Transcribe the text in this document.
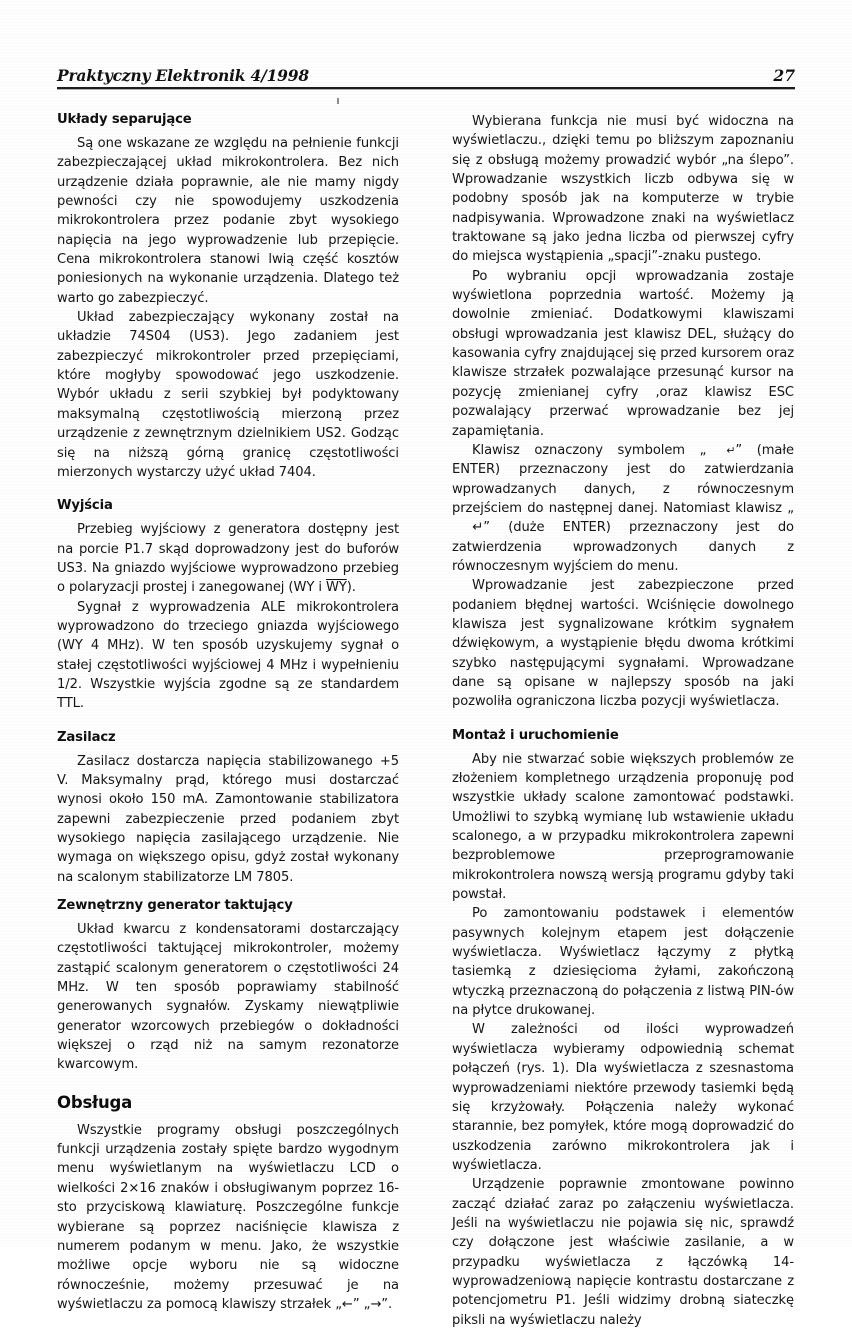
Praktyczny Elektronik 4/1998	27
Układy separujące

Są one wskazane ze względu na pełnienie funkcji zabezpieczającej układ mikrokontrolera. Bez nich urządzenie działa poprawnie, ale nie mamy nigdy pewności czy nie spowodujemy uszkodzenia mikrokontrolera przez podanie zbyt wysokiego napięcia na jego wyprowadzenie lub przepięcie. Cena mikrokontrolera stanowi lwią część kosztów poniesionych na wykonanie urządzenia. Dlatego też warto go zabezpieczyć.

Układ zabezpieczający wykonany został na układzie 74S04 (US3). Jego zadaniem jest zabezpieczyć mikrokontroler przed przepięciami, które mogłyby spowodować jego uszkodzenie. Wybór układu z serii szybkiej był podyktowany maksymalną częstotliwością mierzoną przez urządzenie z zewnętrznym dzielnikiem US2. Godząc się na niższą górną granicę częstotliwości mierzonych wystarczy użyć układ 7404.

Wyjścia

Przebieg wyjściowy z generatora dostępny jest na porcie P1.7 skąd doprowadzony jest do buforów US3. Na gniazdo wyjściowe wyprowadzono przebieg o polaryzacji prostej i zanegowanej (WY i $\overline{WY}$).

Sygnał z wyprowadzenia ALE mikrokontrolera wyprowadzono do trzeciego gniazda wyjściowego (WY 4 MHz). W ten sposób uzyskujemy sygnał o stałej częstotliwości wyjściowej 4 MHz i wypełnieniu 1/2. Wszystkie wyjścia zgodne są ze standardem TTL.

Zasilacz

Zasilacz dostarcza napięcia stabilizowanego +5 V. Maksymalny prąd, którego musi dostarczać wynosi około 150 mA. Zamontowanie stabilizatora zapewni zabezpieczenie przed podaniem zbyt wysokiego napięcia zasilającego urządzenie. Nie wymaga on większego opisu, gdyż został wykonany na scalonym stabilizatorze LM 7805.

Zewnętrzny generator taktujący

Układ kwarcu z kondensatorami dostarczający częstotliwości taktującej mikrokontroler, możemy zastąpić scalonym generatorem o częstotliwości 24 MHz. W ten sposób poprawiamy stabilność generowanych sygnałów. Zyskamy niewątpliwie generator wzorcowych przebiegów o dokładności większej o rząd niż na samym rezonatorze kwarcowym.

Obsługa

Wszystkie programy obsługi poszczególnych funkcji urządzenia zostały spięte bardzo wygodnym menu wyświetlanym na wyświetlaczu LCD o wielkości 2×16 znaków i obsługiwanym poprzez 16-sto przyciskową klawiaturę. Poszczególne funkcje wybierane są poprzez naciśnięcie klawisza z numerem podanym w menu. Jako, że wszystkie możliwe opcje wyboru nie są widoczne równocześnie, możemy przesuwać je na wyświetlaczu za pomocą klawiszy strzałek „←” „→”.

Wybierana funkcja nie musi być widoczna na wyświetlaczu., dzięki temu po bliższym zapoznaniu się z obsługą możemy prowadzić wybór „na ślepo”. Wprowadzanie wszystkich liczb odbywa się w podobny sposób jak na komputerze w trybie nadpisywania. Wprowadzone znaki na wyświetlacz traktowane są jako jedna liczba od pierwszej cyfry do miejsca wystąpienia „spacji”-znaku pustego.

Po wybraniu opcji wprowadzania zostaje wyświetlona poprzednia wartość. Możemy ją dowolnie zmieniać. Dodatkowymi klawiszami obsługi wprowadzania jest klawisz DEL, służący do kasowania cyfry znajdującej się przed kursorem oraz klawisze strzałek pozwalające przesunąć kursor na pozycję zmienianej cyfry ,oraz klawisz ESC pozwalający przerwać wprowadzanie bez jej zapamiętania.

Klawisz oznaczony symbolem „ ↵” (małe ENTER) przeznaczony jest do zatwierdzania wprowadzanych danych, z równoczesnym przejściem do następnej danej. Natomiast klawisz „↵” (duże ENTER) przeznaczony jest do zatwierdzenia wprowadzonych danych z równoczesnym wyjściem do menu.

Wprowadzanie jest zabezpieczone przed podaniem błędnej wartości. Wciśnięcie dowolnego klawisza jest sygnalizowane krótkim sygnałem dźwiękowym, a wystąpienie błędu dwoma krótkimi szybko następującymi sygnałami. Wprowadzane dane są opisane w najlepszy sposób na jaki pozwoliła ograniczona liczba pozycji wyświetlacza.

Montaż i uruchomienie

Aby nie stwarzać sobie większych problemów ze złożeniem kompletnego urządzenia proponuję pod wszystkie układy scalone zamontować podstawki. Umożliwi to szybką wymianę lub wstawienie układu scalonego, a w przypadku mikrokontrolera zapewni bezproblemowe przeprogramowanie mikrokontrolera nowszą wersją programu gdyby taki powstał.

Po zamontowaniu podstawek i elementów pasywnych kolejnym etapem jest dołączenie wyświetlacza. Wyświetlacz łączymy z płytką tasiemką z dziesięcioma żyłami, zakończoną wtyczką przeznaczoną do połączenia z listwą PIN-ów na płytce drukowanej.

W zależności od ilości wyprowadzeń wyświetlacza wybieramy odpowiednią schemat połączeń (rys. 1). Dla wyświetlacza z szesnastoma wyprowadzeniami niektóre przewody tasiemki będą się krzyżowały. Połączenia należy wykonać starannie, bez pomyłek, które mogą doprowadzić do uszkodzenia zarówno mikrokontrolera jak i wyświetlacza.

Urządzenie poprawnie zmontowane powinno zacząć działać zaraz po załączeniu wyświetlacza. Jeśli na wyświetlaczu nie pojawia się nic, sprawdź czy dołączone jest właściwie zasilanie, a w przypadku wyświetlacza z łączówką 14-wyprowadzeniową napięcie kontrastu dostarczane z potencjometru P1. Jeśli widzimy drobną siateczkę piksli na wyświetlaczu należy
